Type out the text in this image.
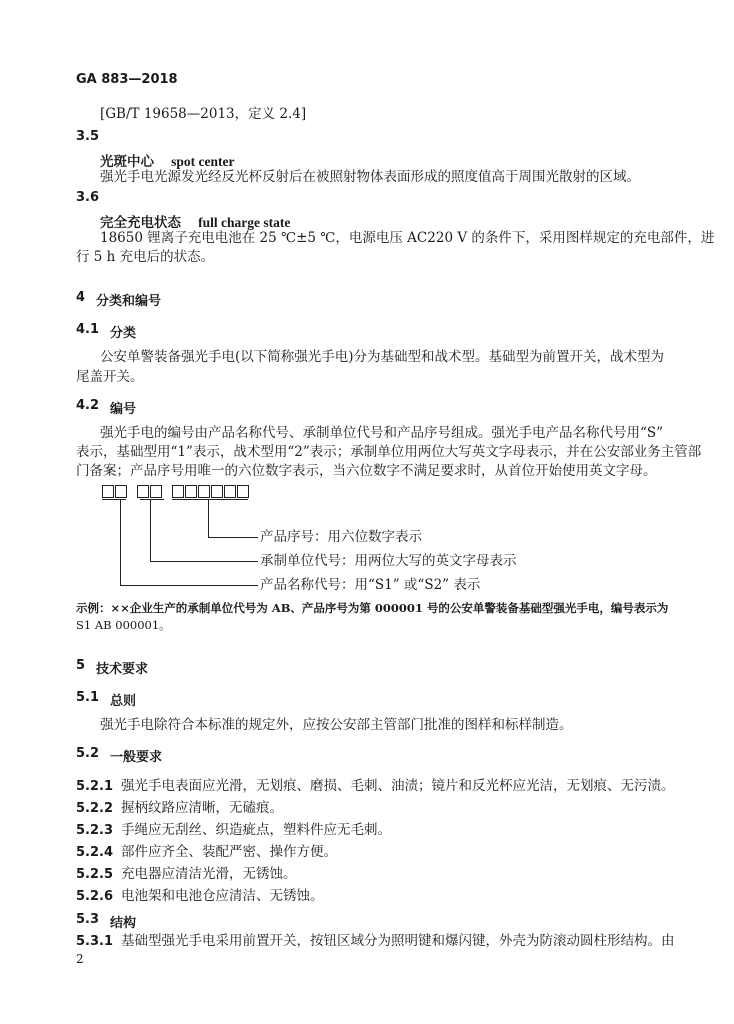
GA 883—2018
[GB/T 19658—2013，定义 2.4]
3.5
光斑中心 spot center
强光手电光源发光经反光杯反射后在被照射物体表面形成的照度值高于周围光散射的区域。
3.6
完全充电状态 full charge state
18650 锂离子充电电池在 25 ℃±5 ℃，电源电压 AC220 V 的条件下，采用图样规定的充电部件，进
行 5 h 充电后的状态。
4 分类和编号
4.1 分类
公安单警装备强光手电(以下简称强光手电)分为基础型和战术型。基础型为前置开关，战术型为
尾盖开关。
4.2 编号
强光手电的编号由产品名称代号、承制单位代号和产品序号组成。强光手电产品名称代号用“S”
表示，基础型用“1”表示，战术型用“2”表示；承制单位用两位大写英文字母表示，并在公安部业务主管部
门备案；产品序号用唯一的六位数字表示，当六位数字不满足要求时，从首位开始使用英文字母。
产品序号：用六位数字表示
承制单位代号：用两位大写的英文字母表示
产品名称代号：用“S1” 或“S2” 表示
示例：××企业生产的承制单位代号为 AB、产品序号为第 000001 号的公安单警装备基础型强光手电，编号表示为
S1 AB 000001。
5 技术要求
5.1 总则
强光手电除符合本标准的规定外，应按公安部主管部门批准的图样和标样制造。
5.2 一般要求
5.2.1 强光手电表面应光滑，无划痕、磨损、毛刺、油渍；镜片和反光杯应光洁，无划痕、无污渍。
5.2.2 握柄纹路应清晰，无磕痕。
5.2.3 手绳应无刮丝、织造疵点，塑料件应无毛刺。
5.2.4 部件应齐全、装配严密、操作方便。
5.2.5 充电器应清洁光滑，无锈蚀。
5.2.6 电池架和电池仓应清洁、无锈蚀。
5.3 结构
5.3.1 基础型强光手电采用前置开关，按钮区域分为照明键和爆闪键，外壳为防滚动圆柱形结构。由
2
